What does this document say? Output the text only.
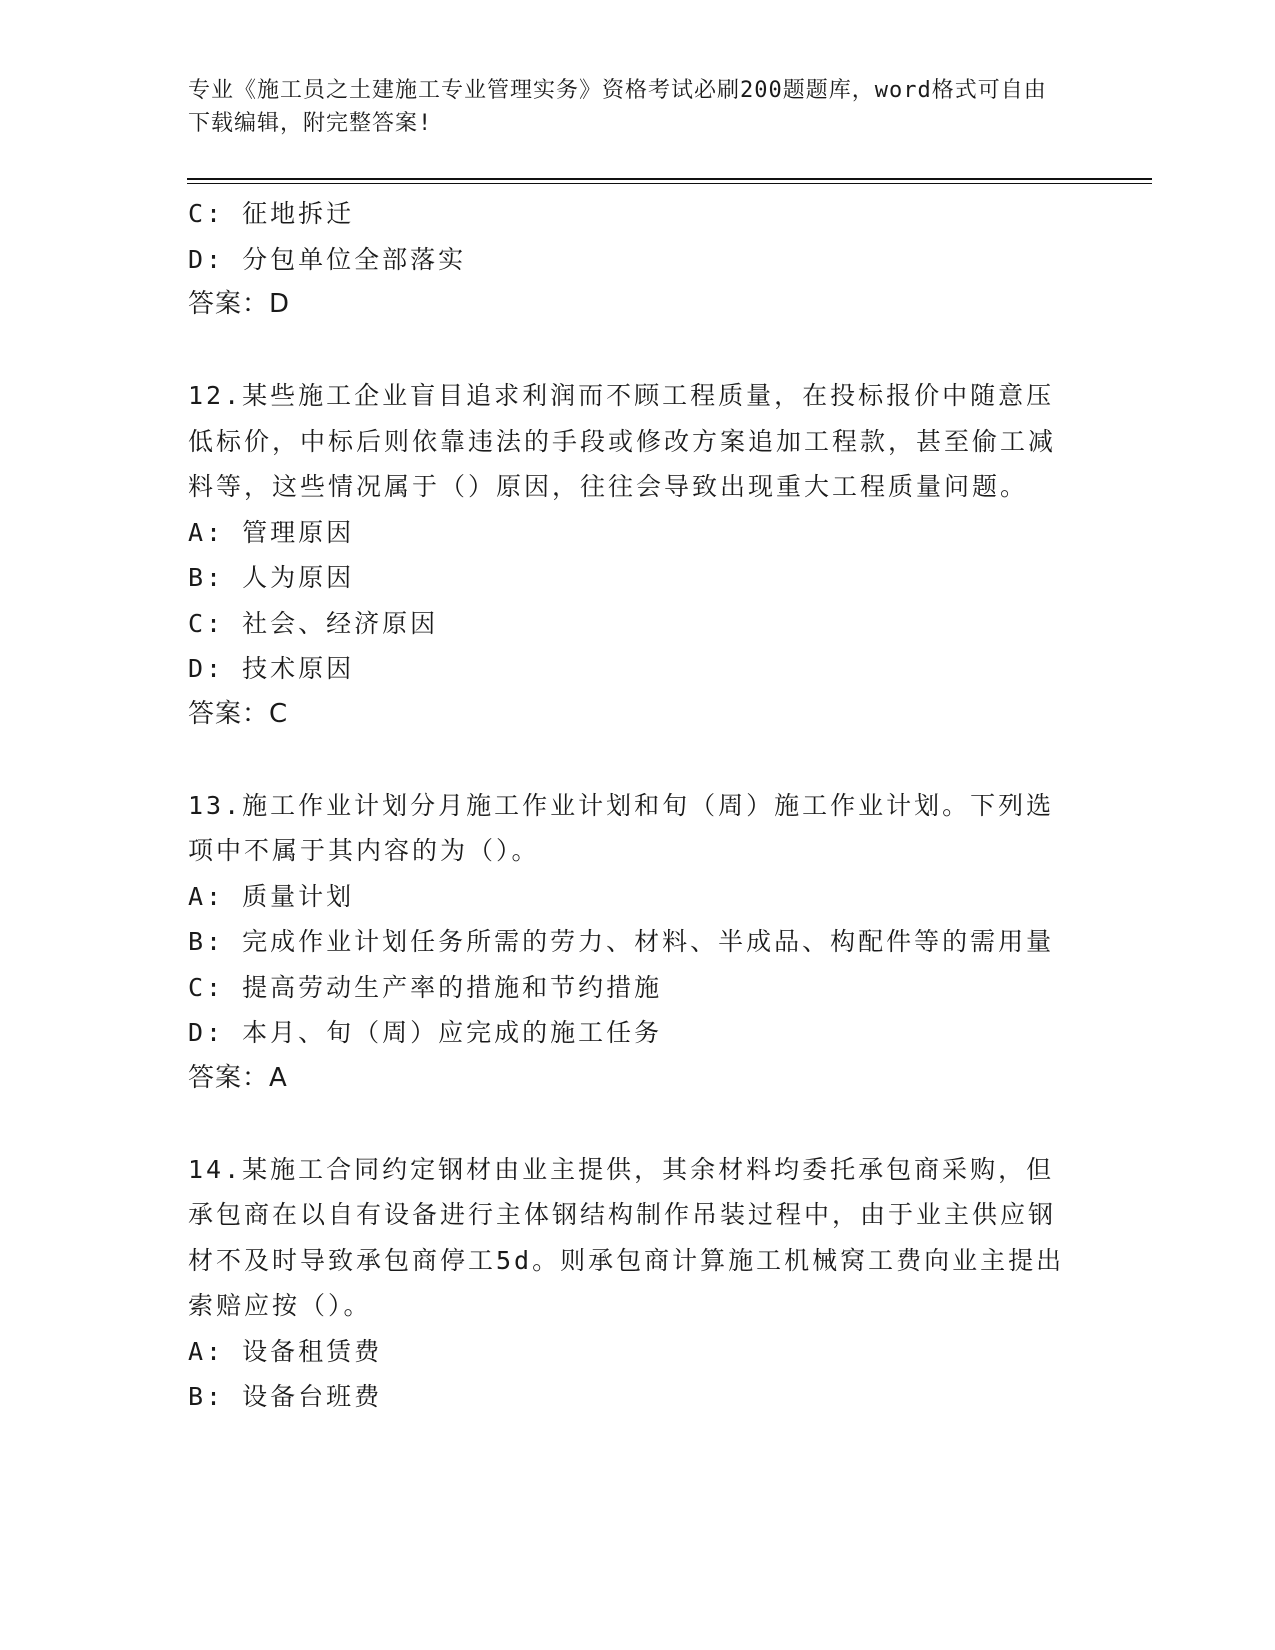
专业《施工员之土建施工专业管理实务》资格考试必刷200题题库，word格式可自由下载编辑，附完整答案!
C: 征地拆迁
D: 分包单位全部落实
答案：D
12.某些施工企业盲目追求利润而不顾工程质量，在投标报价中随意压低标价，中标后则依靠违法的手段或修改方案追加工程款，甚至偷工减料等，这些情况属于（）原因，往往会导致出现重大工程质量问题。
A: 管理原因
B: 人为原因
C: 社会、经济原因
D: 技术原因
答案：C
13.施工作业计划分月施工作业计划和旬（周）施工作业计划。下列选项中不属于其内容的为（）。
A: 质量计划
B: 完成作业计划任务所需的劳力、材料、半成品、构配件等的需用量
C: 提高劳动生产率的措施和节约措施
D: 本月、旬（周）应完成的施工任务
答案：A
14.某施工合同约定钢材由业主提供，其余材料均委托承包商采购，但承包商在以自有设备进行主体钢结构制作吊装过程中，由于业主供应钢材不及时导致承包商停工5d。则承包商计算施工机械窝工费向业主提出索赔应按（）。
A: 设备租赁费
B: 设备台班费
